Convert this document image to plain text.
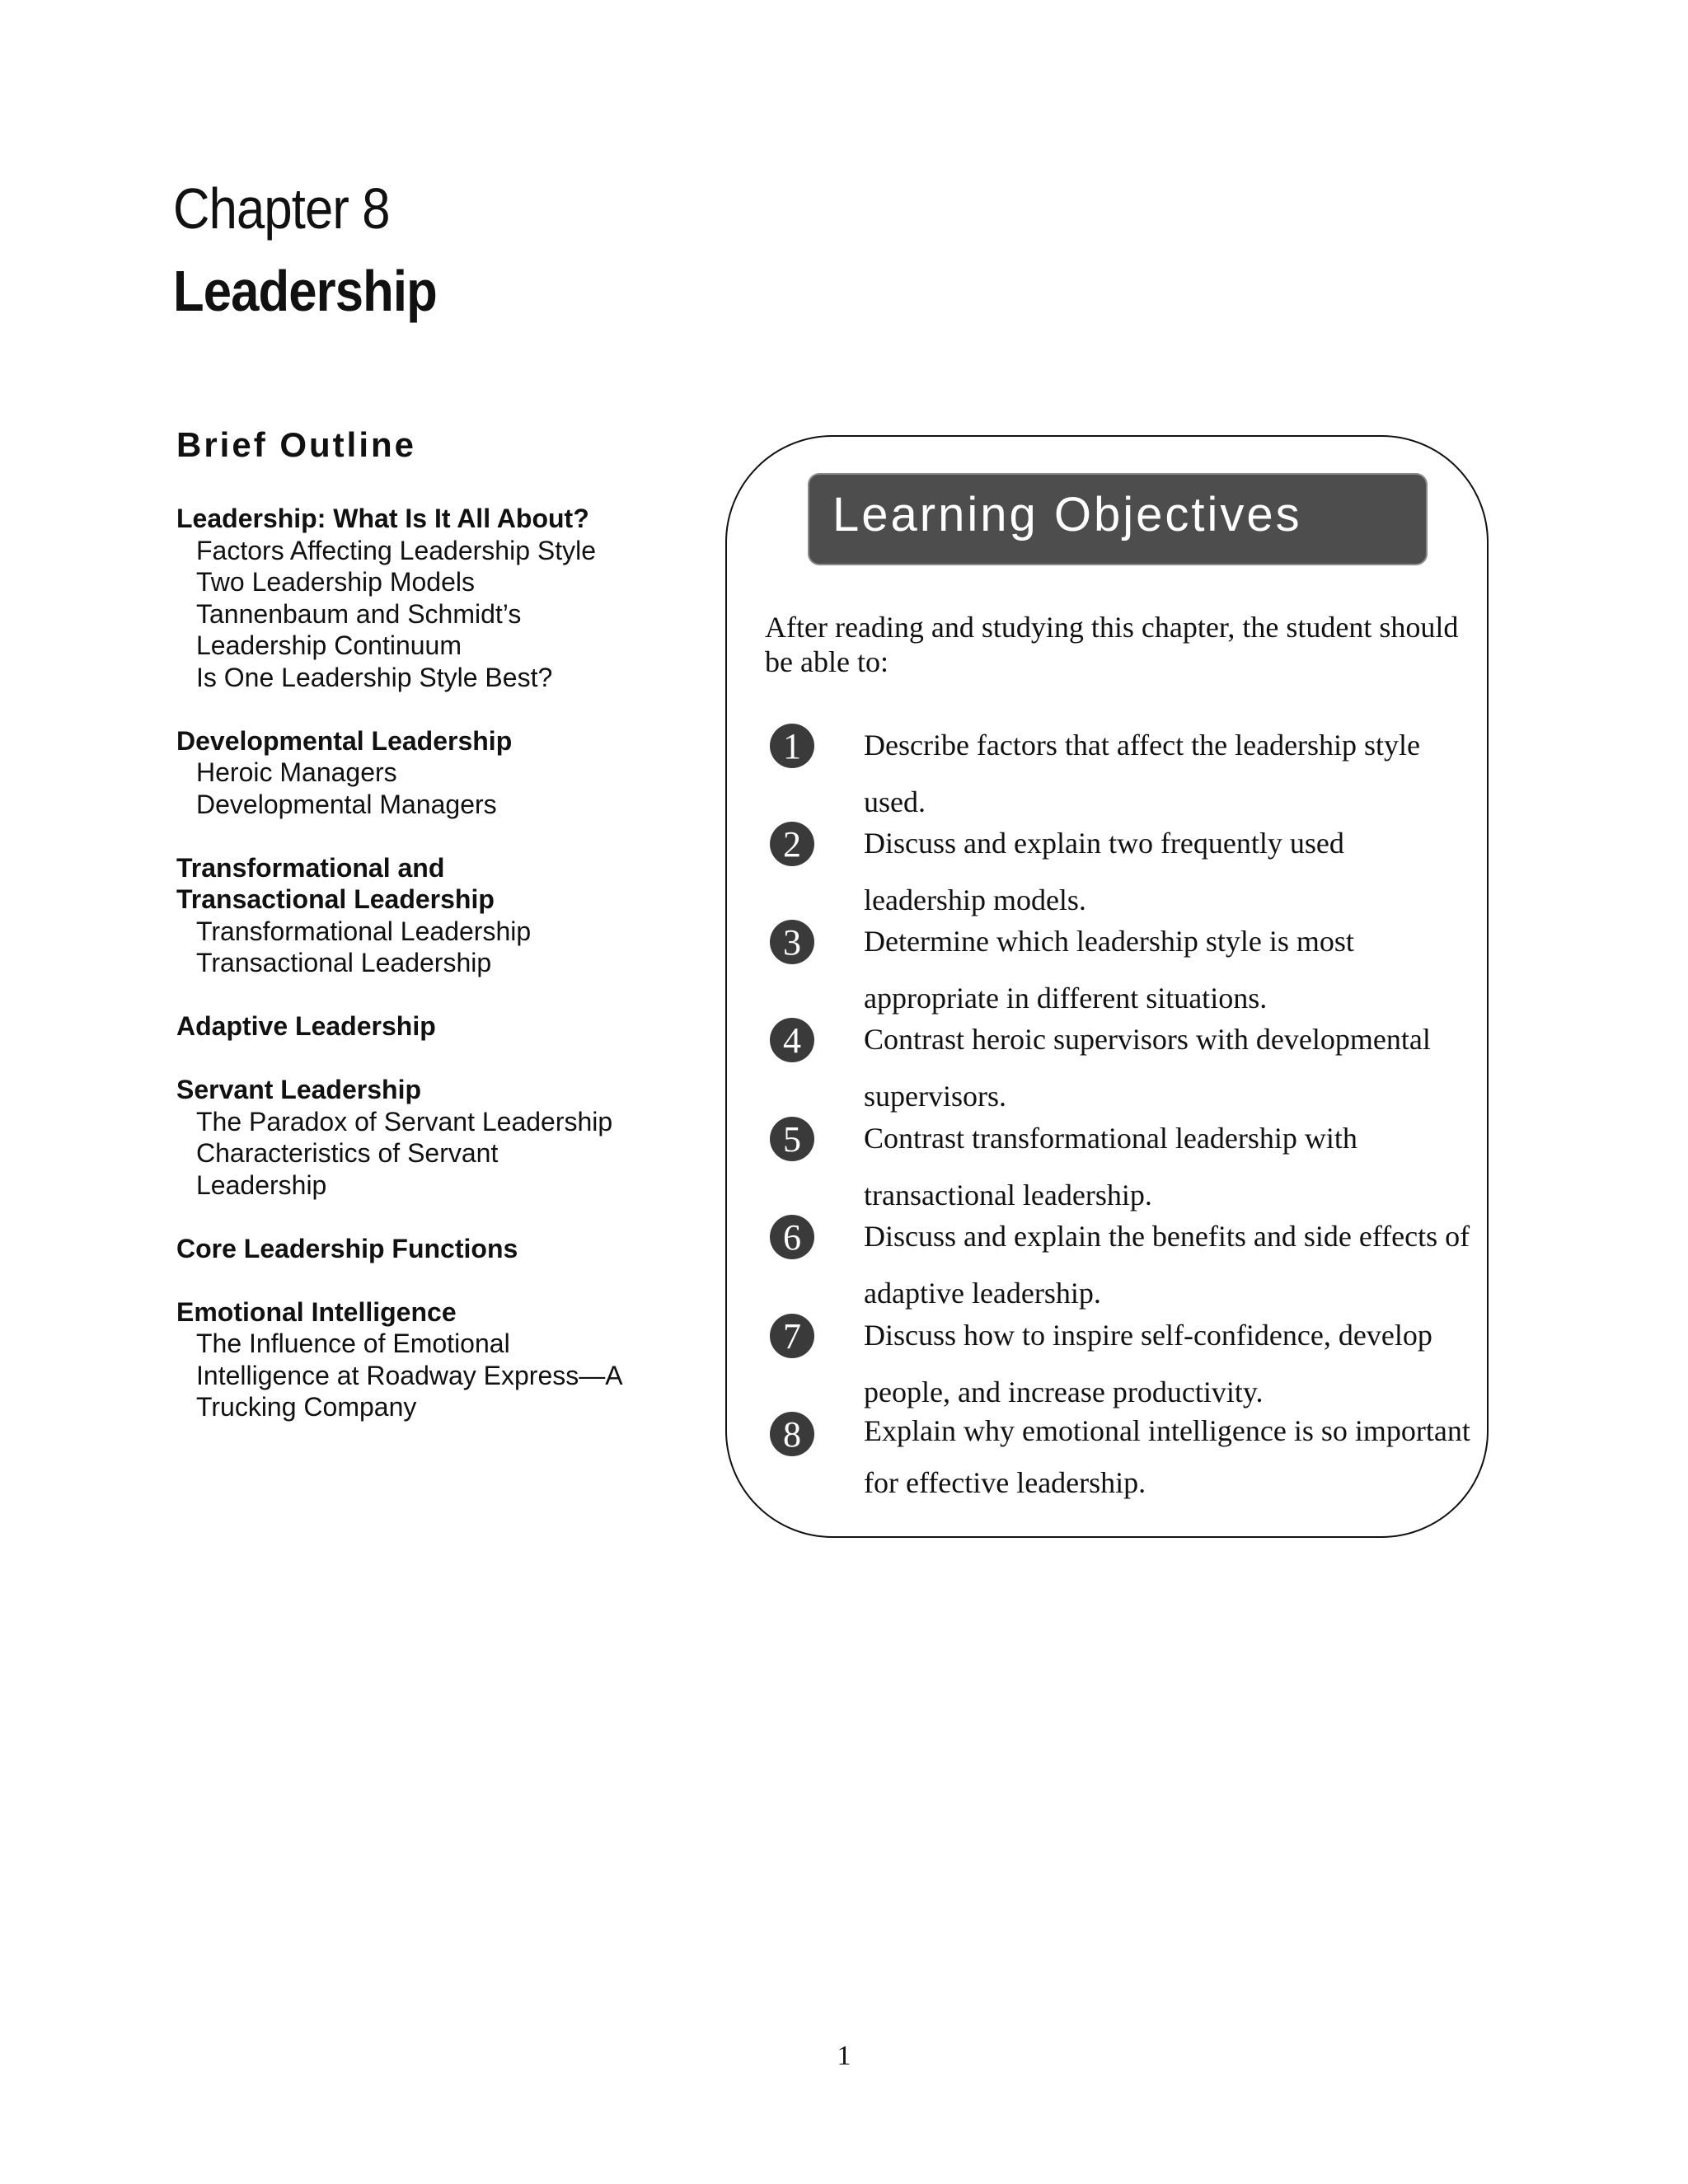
Chapter 8
Leadership
Brief Outline
Leadership: What Is It All About?
Factors Affecting Leadership Style
Two Leadership Models
Tannenbaum and Schmidt’s
Leadership Continuum
Is One Leadership Style Best?
Developmental Leadership
Heroic Managers
Developmental Managers
Transformational and
Transactional Leadership
Transformational Leadership
Transactional Leadership
Adaptive Leadership
Servant Leadership
The Paradox of Servant Leadership
Characteristics of Servant
Leadership
Core Leadership Functions
Emotional Intelligence
The Influence of Emotional
Intelligence at Roadway Express—A
Trucking Company
Learning Objectives
After reading and studying this chapter, the student should
be able to:
1	Describe factors that affect the leadership style
used.
2	Discuss and explain two frequently used
leadership models.
3	Determine which leadership style is most
appropriate in different situations.
4	Contrast heroic supervisors with developmental
supervisors.
5	Contrast transformational leadership with
transactional leadership.
6	Discuss and explain the benefits and side effects of
adaptive leadership.
7	Discuss how to inspire self-confidence, develop
people, and increase productivity.
8	Explain why emotional intelligence is so important
for effective leadership.
1
